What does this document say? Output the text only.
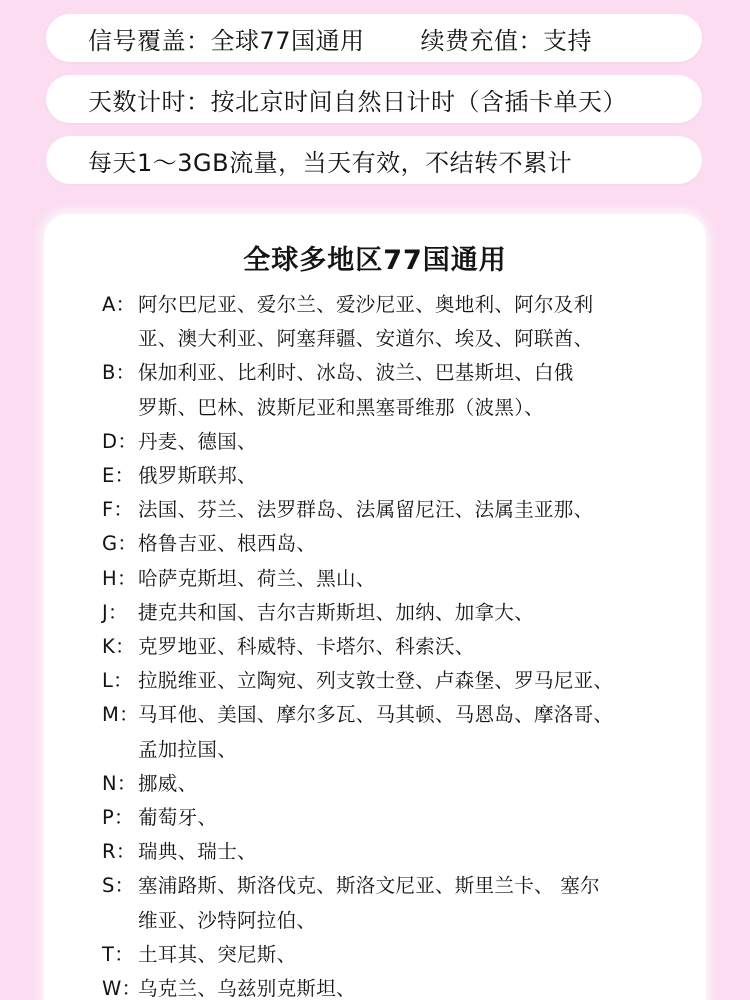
信号覆盖：全球77国通用	续费充值：支持
天数计时：按北京时间自然日计时（含插卡单天）
每天1～3GB流量，当天有效，不结转不累计
全球多地区77国通用
A： 阿尔巴尼亚、爱尔兰、爱沙尼亚、奥地利、阿尔及利
亚、澳大利亚、阿塞拜疆、安道尔、埃及、阿联酋、
B： 保加利亚、比利时、冰岛、波兰、巴基斯坦、白俄
罗斯、巴林、波斯尼亚和黑塞哥维那（波黑）、
D： 丹麦、德国、
E： 俄罗斯联邦、
F： 法国、芬兰、法罗群岛、法属留尼汪、法属圭亚那、
G： 格鲁吉亚、根西岛、
H： 哈萨克斯坦、荷兰、黑山、
J： 捷克共和国、吉尔吉斯斯坦、加纳、加拿大、
K： 克罗地亚、科威特、卡塔尔、科索沃、
L： 拉脱维亚、立陶宛、列支敦士登、卢森堡、罗马尼亚、
M： 马耳他、美国、摩尔多瓦、马其顿、马恩岛、摩洛哥、
孟加拉国、
N： 挪威、
P： 葡萄牙、
R： 瑞典、瑞士、
S： 塞浦路斯、斯洛伐克、斯洛文尼亚、斯里兰卡、 塞尔
维亚、沙特阿拉伯、
T： 土耳其、突尼斯、
W：
乌克兰、乌兹别克斯坦、
